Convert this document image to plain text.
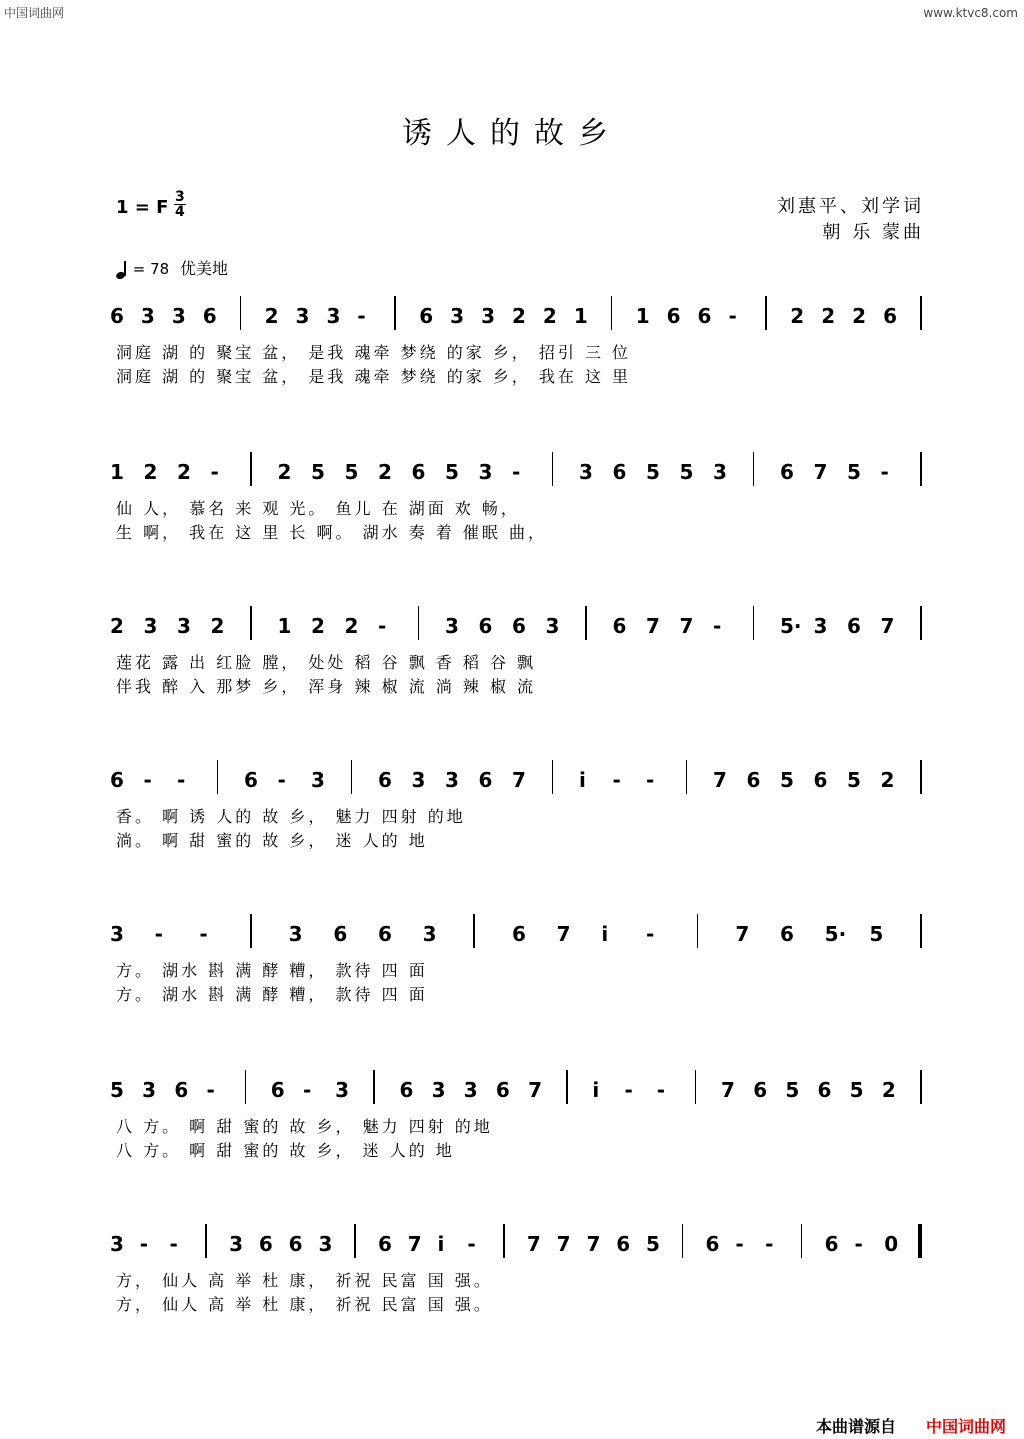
中国词曲网	www.ktvc8.com
诱人的故乡
1 = F 3
4	刘惠平、刘学词
朝 乐 蒙曲
= 78 优美地
6 3 3 6 2 3 3 -	6 3 3 2 2 1 1 6 6 -	2 2 2 6
洞庭 湖 的 聚宝 盆， 是我 魂牵 梦绕 的家 乡， 招引 三 位
洞庭 湖 的 聚宝 盆， 是我 魂牵 梦绕 的家 乡， 我在 这 里
1 2 2 -	2 5 5 2 6 5 3 -	3 6 5 5 3	6 7 5 -
仙 人， 慕名 来 观 光。 鱼儿 在 湖面 欢 畅，
生 啊， 我在 这 里 长 啊。 湖水 奏 着 催眠 曲，
2 3 3 2	1 2 2 -	3 6 6 3	6 7 7 -	5· 3 6 7
莲花 露 出 红脸 膛， 处处 稻 谷 飘 香 稻 谷 飘
伴我 醉 入 那梦 乡， 浑身 辣 椒 流 淌 辣 椒 流
6 - -	6 - 3	6 3 3 6 7	i - -	7 6 5 6 5 2
香。 啊 诱 人的 故 乡， 魅力 四射 的地
淌。 啊 甜 蜜的 故 乡， 迷 人的 地
3 - -	3 6 6 3	6 7 i -	7 6 5· 5
方。 湖水 斟 满 酵 糟， 款待 四 面
方。 湖水 斟 满 酵 糟， 款待 四 面
5 3 6 -	6 - 3	6 3 3 6 7	i - -	7 6 5 6 5 2
八 方。 啊 甜 蜜的 故 乡， 魅力 四射 的地
八 方。 啊 甜 蜜的 故 乡， 迷 人的 地
3 - -	3 6 6 3 6 7 i -	7 7 7 6 5 6 - -	6 - 0
方， 仙人 高 举 杜 康， 祈祝 民富 国 强。
方， 仙人 高 举 杜 康， 祈祝 民富 国 强。
本曲谱源自 中国词曲网
